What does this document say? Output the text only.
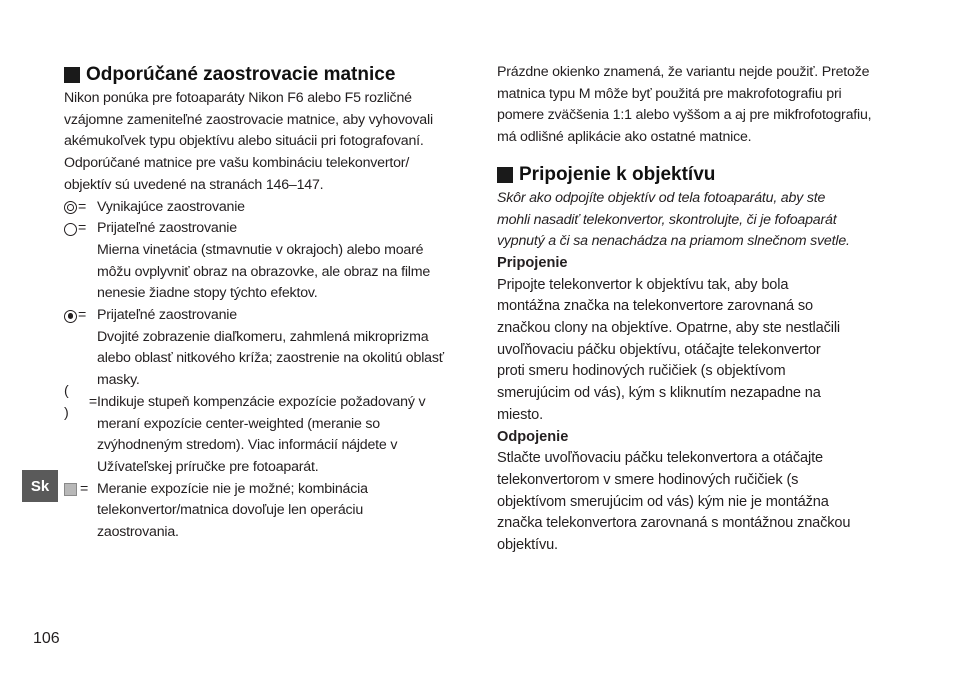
Sk
Odporúčané zaostrovacie matnice
Nikon ponúka pre fotoaparáty Nikon F6 alebo F5 rozličné
vzájomne zameniteľné zaostrovacie matnice, aby vyhovovali
akémukoľvek typu objektívu alebo situácii pri fotografovaní.
Odporúčané matnice pre vašu kombináciu telekonvertor/
objektív sú uvedené na stranách 146–147.
= Vynikajúce zaostrovanie
= Prijateľné zaostrovanie
Mierna vinetácia (stmavnutie v okrajoch) alebo moaré
môžu ovplyvniť obraz na obrazovke, ale obraz na filme
nenesie žiadne stopy týchto efektov.
= Prijateľné zaostrovanie
Dvojité zobrazenie diaľkomeru, zahmlená mikroprizma
alebo oblasť nitkového kríža; zaostrenie na okolitú oblasť
masky.
( )
= Indikuje stupeň kompenzácie expozície požadovaný v
meraní expozície center-weighted (meranie so
zvýhodneným stredom). Viac informácií nájdete v
Užívateľskej príručke pre fotoaparát.
= Meranie expozície nie je možné; kombinácia
telekonvertor/matnica dovoľuje len operáciu
zaostrovania.
Prázdne okienko znamená, že variantu nejde použiť. Pretože
matnica typu M môže byť použitá pre makrofotografiu pri
pomere zväčšenia 1:1 alebo vyššom a aj pre mikfrofotografiu,
má odlišné aplikácie ako ostatné matnice.
Pripojenie k objektívu
Skôr ako odpojíte objektív od tela fotoaparátu, aby ste
mohli nasadiť telekonvertor, skontrolujte, či je fofoaparát
vypnutý a či sa nenachádza na priamom slnečnom svetle.
Pripojenie
Pripojte telekonvertor k objektívu tak, aby bola
montážna značka na telekonvertore zarovnaná so
značkou clony na objektíve. Opatrne, aby ste nestlačili
uvoľňovaciu páčku objektívu, otáčajte telekonvertor
proti smeru hodinových ručičiek (s objektívom
smerujúcim od vás), kým s kliknutím nezapadne na
miesto.
Odpojenie
Stlačte uvoľňovaciu páčku telekonvertora a otáčajte
telekonvertorom v smere hodinových ručičiek (s
objektívom smerujúcim od vás) kým nie je montážna
značka telekonvertora zarovnaná s montážnou značkou
objektívu.
106
